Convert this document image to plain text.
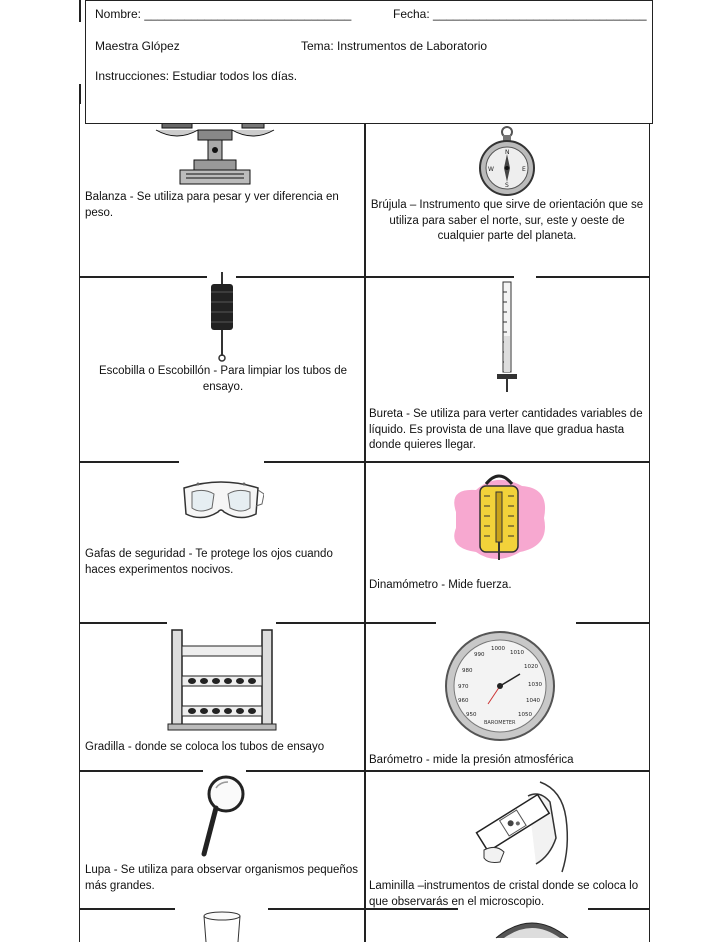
Nombre: _______________________________	Fecha: ________________________________
Maestra Glópez	Tema: Instrumentos de Laboratorio
Instrucciones: Estudiar todos los días.
Balanza - Se utiliza para pesar y ver diferencia en peso.
N
E
S
W
Brújula – Instrumento que sirve de orientación que se utiliza para saber el norte, sur, este y oeste de cualquier parte del planeta.
Escobilla o Escobillón - Para limpiar los tubos de ensayo.
Bureta - Se utiliza para verter cantidades variables de líquido. Es provista de una llave que gradua hasta donde quieres llegar.
Gafas de seguridad - Te protege los ojos cuando haces experimentos nocivos.
Dinamómetro - Mide fuerza.
Gradilla - donde se coloca los tubos de ensayo
950
960
970
980
990
1000
1010
1020
1030
1040
1050
BAROMETER
Barómetro - mide la presión atmosférica
Lupa - Se utiliza para observar organismos pequeños más grandes.	Laminilla –instrumentos de cristal donde se coloca lo que observarás en el microscopio.
